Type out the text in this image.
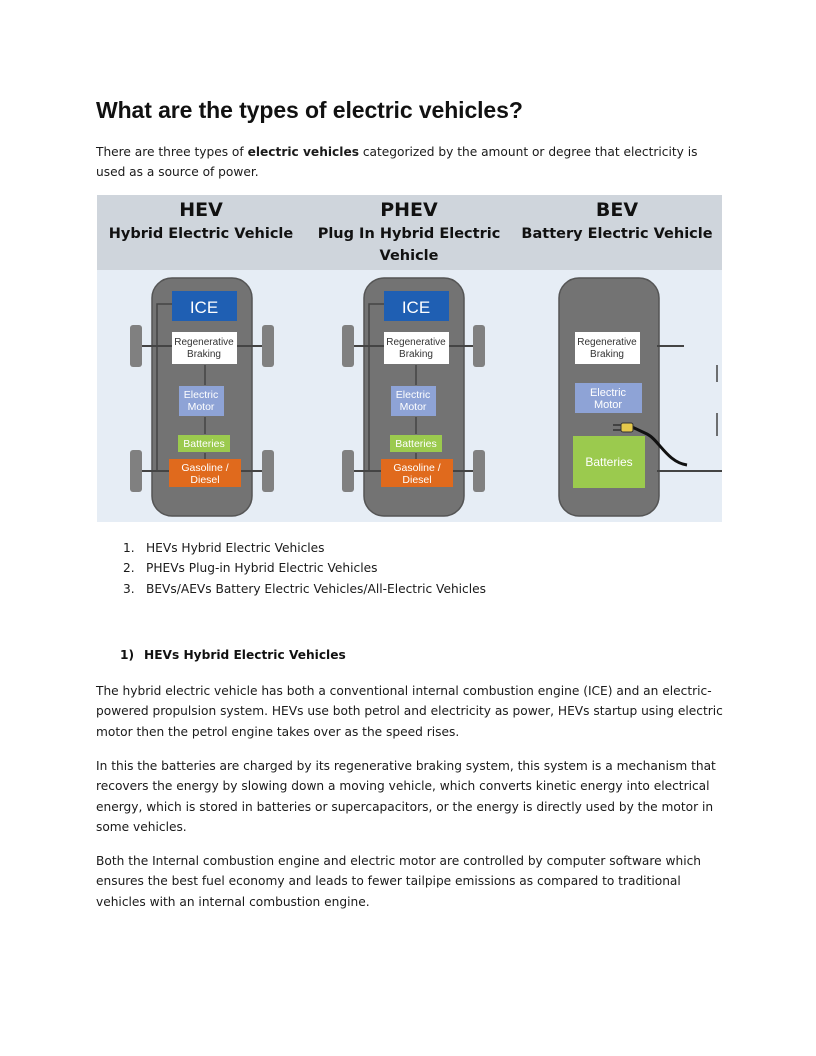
What are the types of electric vehicles?

There are three types of electric vehicles categorized by the amount or degree that electricity is used as a source of power.

HEV
Hybrid Electric Vehicle
PHEV
Plug In Hybrid Electric Vehicle
BEV
Battery Electric Vehicle
ICE
Regenerative
Braking
Electric
Motor
Batteries
Gasoline /
Diesel
ICE
Regenerative
Braking
Electric
Motor
Batteries
Gasoline /
Diesel
Regenerative
Braking
Electric
Motor
Batteries
1. HEVs Hybrid Electric Vehicles
2. PHEVs Plug-in Hybrid Electric Vehicles
3. BEVs/AEVs Battery Electric Vehicles/All-Electric Vehicles
1) HEVs Hybrid Electric Vehicles

The hybrid electric vehicle has both a conventional internal combustion engine (ICE) and an electric-powered propulsion system. HEVs use both petrol and electricity as power, HEVs startup using electric motor then the petrol engine takes over as the speed rises.

In this the batteries are charged by its regenerative braking system, this system is a mechanism that recovers the energy by slowing down a moving vehicle, which converts kinetic energy into electrical energy, which is stored in batteries or supercapacitors, or the energy is directly used by the motor in some vehicles.

Both the Internal combustion engine and electric motor are controlled by computer software which ensures the best fuel economy and leads to fewer tailpipe emissions as compared to traditional vehicles with an internal combustion engine.
